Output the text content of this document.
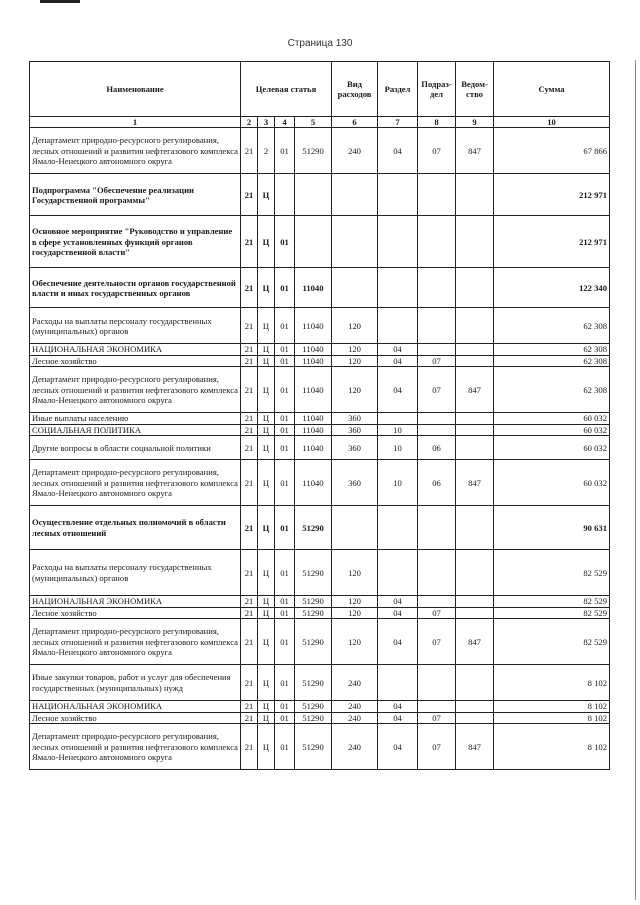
Страница 130
Наименование	Целевая статья				Вид расходов	Раздел	Подраз-дел	Ведом-ство	Сумма
1	2	3	4	5	6	7	8	9	10
Департамент природно-ресурсного регулирования, лесных отношений и развития нефтегазового комплекса Ямало-Ненецкого автономного округа	21	2	01	51290	240	04	07	847	67 866
Подпрограмма "Обеспечение реализации Государственной программы"	21	Ц							212 971
Основное мероприятие "Руководство и управление в сфере установленных функций органов государственной власти"	21	Ц	01						212 971
Обеспечение деятельности органов государственной власти и иных государственных органов	21	Ц	01	11040					122 340
Расходы на выплаты персоналу государственных (муниципальных) органов	21	Ц	01	11040	120				62 308
НАЦИОНАЛЬНАЯ ЭКОНОМИКА	21	Ц	01	11040	120	04			62 308
Лесное хозяйство	21	Ц	01	11040	120	04	07		62 308
Департамент природно-ресурсного регулирования, лесных отношений и развития нефтегазового комплекса Ямало-Ненецкого автономного округа	21	Ц	01	11040	120	04	07	847	62 308
Иные выплаты населению	21	Ц	01	11040	360				60 032
СОЦИАЛЬНАЯ ПОЛИТИКА	21	Ц	01	11040	360	10			60 032
Другие вопросы в области социальной политики	21	Ц	01	11040	360	10	06		60 032
Департамент природно-ресурсного регулирования, лесных отношений и развития нефтегазового комплекса Ямало-Ненецкого автономного округа	21	Ц	01	11040	360	10	06	847	60 032
Осуществление отдельных полномочий в области лесных отношений	21	Ц	01	51290					90 631
Расходы на выплаты персоналу государственных (муниципальных) органов	21	Ц	01	51290	120				82 529
НАЦИОНАЛЬНАЯ ЭКОНОМИКА	21	Ц	01	51290	120	04			82 529
Лесное хозяйство	21	Ц	01	51290	120	04	07		82 529
Департамент природно-ресурсного регулирования, лесных отношений и развития нефтегазового комплекса Ямало-Ненецкого автономного округа	21	Ц	01	51290	120	04	07	847	82 529
Иные закупки товаров, работ и услуг для обеспечения государственных (муниципальных) нужд	21	Ц	01	51290	240				8 102
НАЦИОНАЛЬНАЯ ЭКОНОМИКА	21	Ц	01	51290	240	04			8 102
Лесное хозяйство	21	Ц	01	51290	240	04	07		8 102
Департамент природно-ресурсного регулирования, лесных отношений и развития нефтегазового комплекса Ямало-Ненецкого автономного округа	21	Ц	01	51290	240	04	07	847	8 102
